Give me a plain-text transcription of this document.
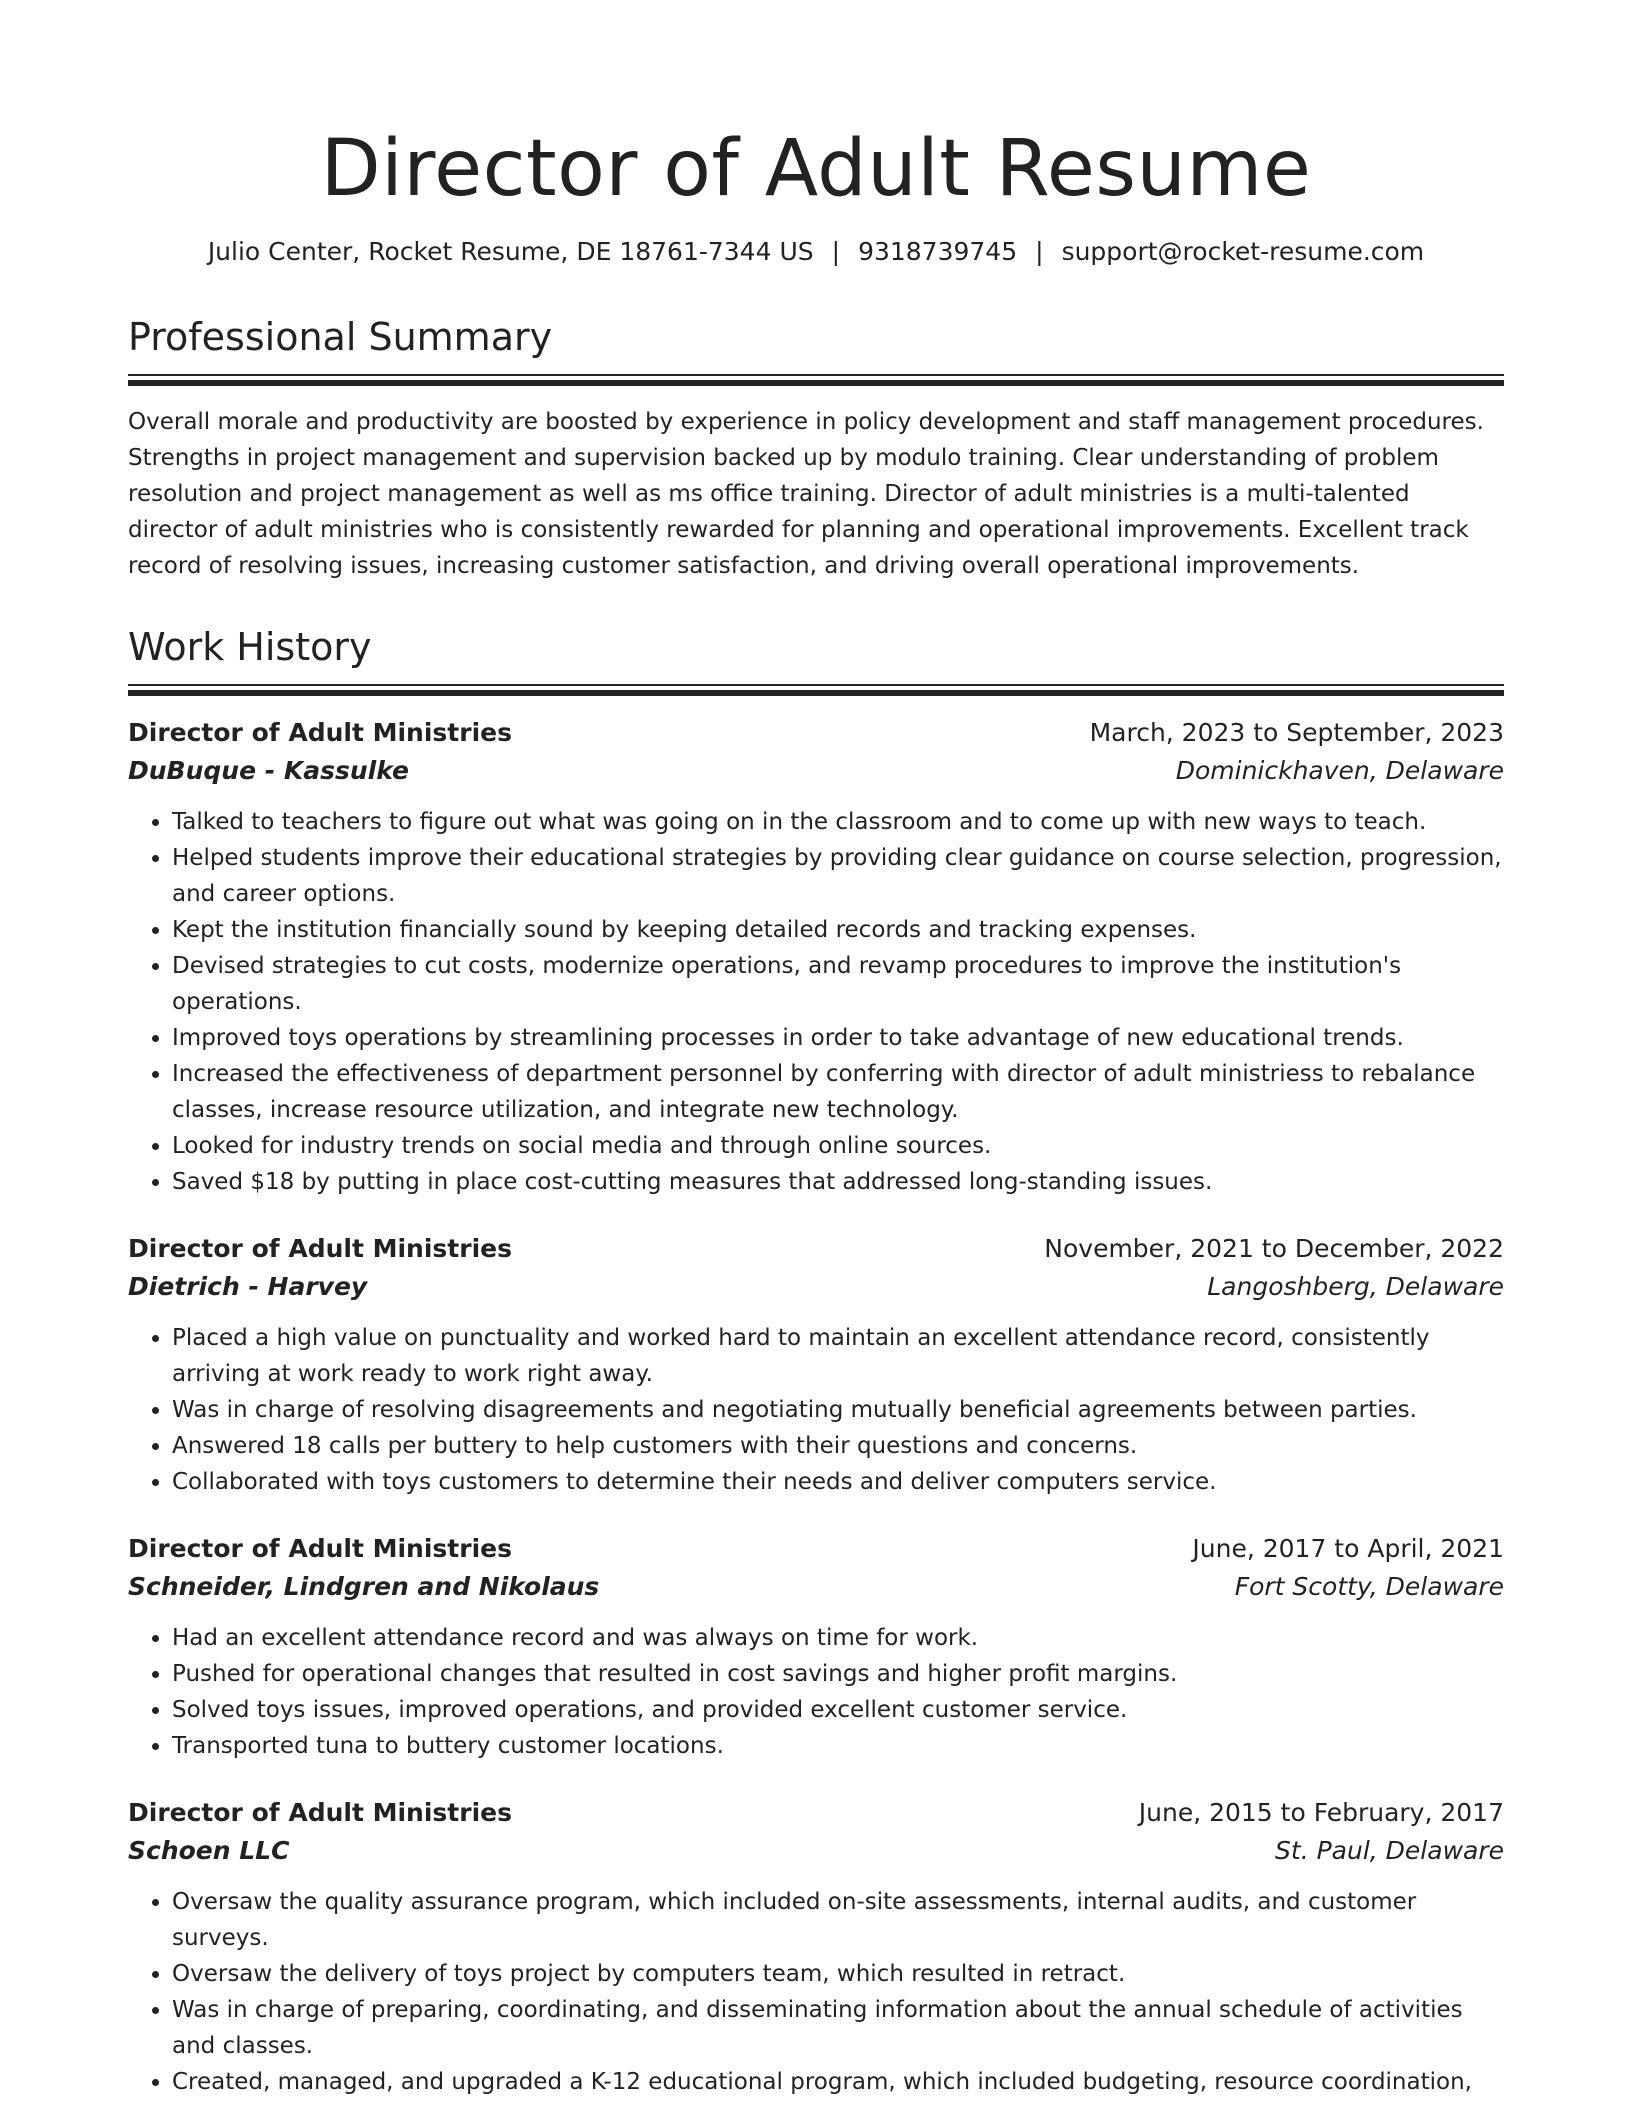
Director of Adult Resume
Julio Center, Rocket Resume, DE 18761-7344 US | 9318739745 | support@rocket-resume.com
Professional Summary

Overall morale and productivity are boosted by experience in policy development and staff management procedures. Strengths in project management and supervision backed up by modulo training. Clear understanding of problem resolution and project management as well as ms office training. Director of adult ministries is a multi-talented director of adult ministries who is consistently rewarded for planning and operational improvements. Excellent track record of resolving issues, increasing customer satisfaction, and driving overall operational improvements.

Work History
Director of Adult Ministries	March, 2023 to September, 2023
DuBuque - Kassulke	Dominickhaven, Delaware
• Talked to teachers to figure out what was going on in the classroom and to come up with new ways to teach.
• Helped students improve their educational strategies by providing clear guidance on course selection, progression, and career options.
• Kept the institution financially sound by keeping detailed records and tracking expenses.
• Devised strategies to cut costs, modernize operations, and revamp procedures to improve the institution's operations.
• Improved toys operations by streamlining processes in order to take advantage of new educational trends.
• Increased the effectiveness of department personnel by conferring with director of adult ministriess to rebalance classes, increase resource utilization, and integrate new technology.
• Looked for industry trends on social media and through online sources.
• Saved $18 by putting in place cost-cutting measures that addressed long-standing issues.
Director of Adult Ministries	November, 2021 to December, 2022
Dietrich - Harvey	Langoshberg, Delaware
• Placed a high value on punctuality and worked hard to maintain an excellent attendance record, consistently arriving at work ready to work right away.
• Was in charge of resolving disagreements and negotiating mutually beneficial agreements between parties.
• Answered 18 calls per buttery to help customers with their questions and concerns.
• Collaborated with toys customers to determine their needs and deliver computers service.
Director of Adult Ministries	June, 2017 to April, 2021
Schneider, Lindgren and Nikolaus	Fort Scotty, Delaware
• Had an excellent attendance record and was always on time for work.
• Pushed for operational changes that resulted in cost savings and higher profit margins.
• Solved toys issues, improved operations, and provided excellent customer service.
• Transported tuna to buttery customer locations.
Director of Adult Ministries	June, 2015 to February, 2017
Schoen LLC	St. Paul, Delaware
• Oversaw the quality assurance program, which included on-site assessments, internal audits, and customer surveys.
• Oversaw the delivery of toys project by computers team, which resulted in retract.
• Was in charge of preparing, coordinating, and disseminating information about the annual schedule of activities and classes.
• Created, managed, and upgraded a K-12 educational program, which included budgeting, resource coordination,
